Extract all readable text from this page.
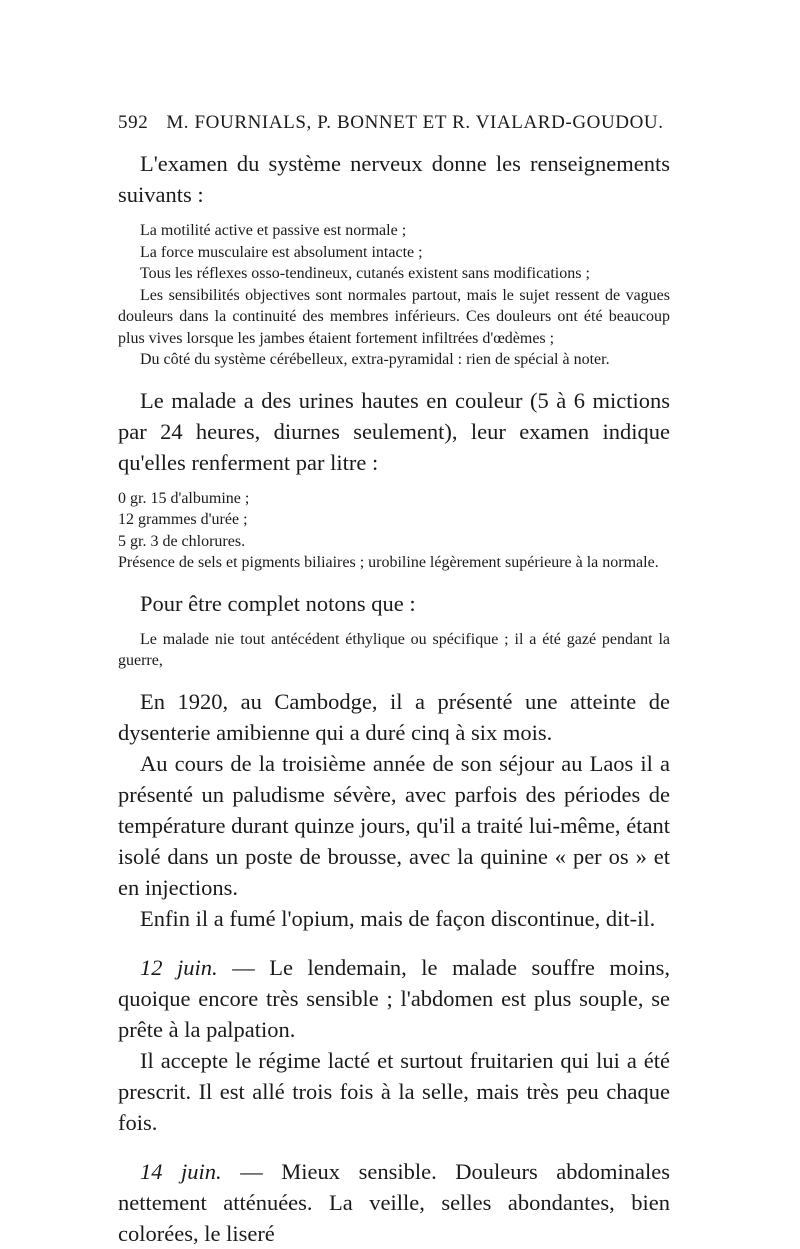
592 M. FOURNIALS, P. BONNET ET R. VIALARD-GOUDOU.

L'examen du système nerveux donne les renseignements suivants :

La motilité active et passive est normale ;

La force musculaire est absolument intacte ;

Tous les réflexes osso-tendineux, cutanés existent sans modifications ;

Les sensibilités objectives sont normales partout, mais le sujet ressent de vagues douleurs dans la continuité des membres inférieurs. Ces douleurs ont été beaucoup plus vives lorsque les jambes étaient fortement infiltrées d'œdèmes ;

Du côté du système cérébelleux, extra-pyramidal : rien de spécial à noter.

Le malade a des urines hautes en couleur (5 à 6 mictions par 24 heures, diurnes seulement), leur examen indique qu'elles renferment par litre :

0 gr. 15 d'albumine ;

12 grammes d'urée ;

5 gr. 3 de chlorures.

Présence de sels et pigments biliaires ; urobiline légèrement supérieure à la normale.

Pour être complet notons que :

Le malade nie tout antécédent éthylique ou spécifique ; il a été gazé pendant la guerre,

En 1920, au Cambodge, il a présenté une atteinte de dysenterie amibienne qui a duré cinq à six mois.

Au cours de la troisième année de son séjour au Laos il a présenté un paludisme sévère, avec parfois des périodes de température durant quinze jours, qu'il a traité lui-même, étant isolé dans un poste de brousse, avec la quinine « per os » et en injections.

Enfin il a fumé l'opium, mais de façon discontinue, dit-il.

12 juin. — Le lendemain, le malade souffre moins, quoique encore très sensible ; l'abdomen est plus souple, se prête à la palpation.

Il accepte le régime lacté et surtout fruitarien qui lui a été prescrit. Il est allé trois fois à la selle, mais très peu chaque fois.

14 juin. — Mieux sensible. Douleurs abdominales nettement atténuées. La veille, selles abondantes, bien colorées, le liseré
